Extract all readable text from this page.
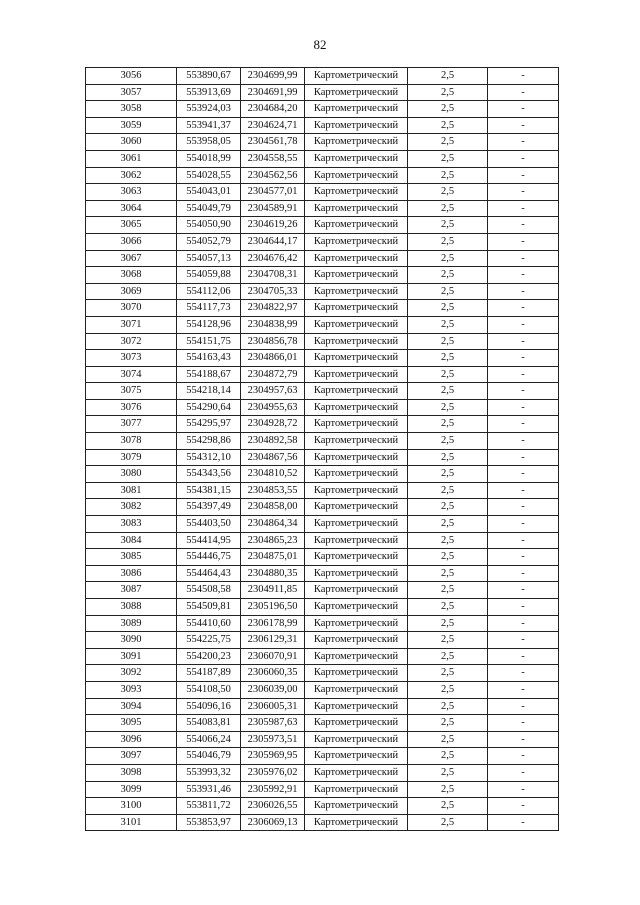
82
3056	553890,67	2304699,99	Картометрический	2,5	-
3057	553913,69	2304691,99	Картометрический	2,5	-
3058	553924,03	2304684,20	Картометрический	2,5	-
3059	553941,37	2304624,71	Картометрический	2,5	-
3060	553958,05	2304561,78	Картометрический	2,5	-
3061	554018,99	2304558,55	Картометрический	2,5	-
3062	554028,55	2304562,56	Картометрический	2,5	-
3063	554043,01	2304577,01	Картометрический	2,5	-
3064	554049,79	2304589,91	Картометрический	2,5	-
3065	554050,90	2304619,26	Картометрический	2,5	-
3066	554052,79	2304644,17	Картометрический	2,5	-
3067	554057,13	2304676,42	Картометрический	2,5	-
3068	554059,88	2304708,31	Картометрический	2,5	-
3069	554112,06	2304705,33	Картометрический	2,5	-
3070	554117,73	2304822,97	Картометрический	2,5	-
3071	554128,96	2304838,99	Картометрический	2,5	-
3072	554151,75	2304856,78	Картометрический	2,5	-
3073	554163,43	2304866,01	Картометрический	2,5	-
3074	554188,67	2304872,79	Картометрический	2,5	-
3075	554218,14	2304957,63	Картометрический	2,5	-
3076	554290,64	2304955,63	Картометрический	2,5	-
3077	554295,97	2304928,72	Картометрический	2,5	-
3078	554298,86	2304892,58	Картометрический	2,5	-
3079	554312,10	2304867,56	Картометрический	2,5	-
3080	554343,56	2304810,52	Картометрический	2,5	-
3081	554381,15	2304853,55	Картометрический	2,5	-
3082	554397,49	2304858,00	Картометрический	2,5	-
3083	554403,50	2304864,34	Картометрический	2,5	-
3084	554414,95	2304865,23	Картометрический	2,5	-
3085	554446,75	2304875,01	Картометрический	2,5	-
3086	554464,43	2304880,35	Картометрический	2,5	-
3087	554508,58	2304911,85	Картометрический	2,5	-
3088	554509,81	2305196,50	Картометрический	2,5	-
3089	554410,60	2306178,99	Картометрический	2,5	-
3090	554225,75	2306129,31	Картометрический	2,5	-
3091	554200,23	2306070,91	Картометрический	2,5	-
3092	554187,89	2306060,35	Картометрический	2,5	-
3093	554108,50	2306039,00	Картометрический	2,5	-
3094	554096,16	2306005,31	Картометрический	2,5	-
3095	554083,81	2305987,63	Картометрический	2,5	-
3096	554066,24	2305973,51	Картометрический	2,5	-
3097	554046,79	2305969,95	Картометрический	2,5	-
3098	553993,32	2305976,02	Картометрический	2,5	-
3099	553931,46	2305992,91	Картометрический	2,5	-
3100	553811,72	2306026,55	Картометрический	2,5	-
3101	553853,97	2306069,13	Картометрический	2,5	-
